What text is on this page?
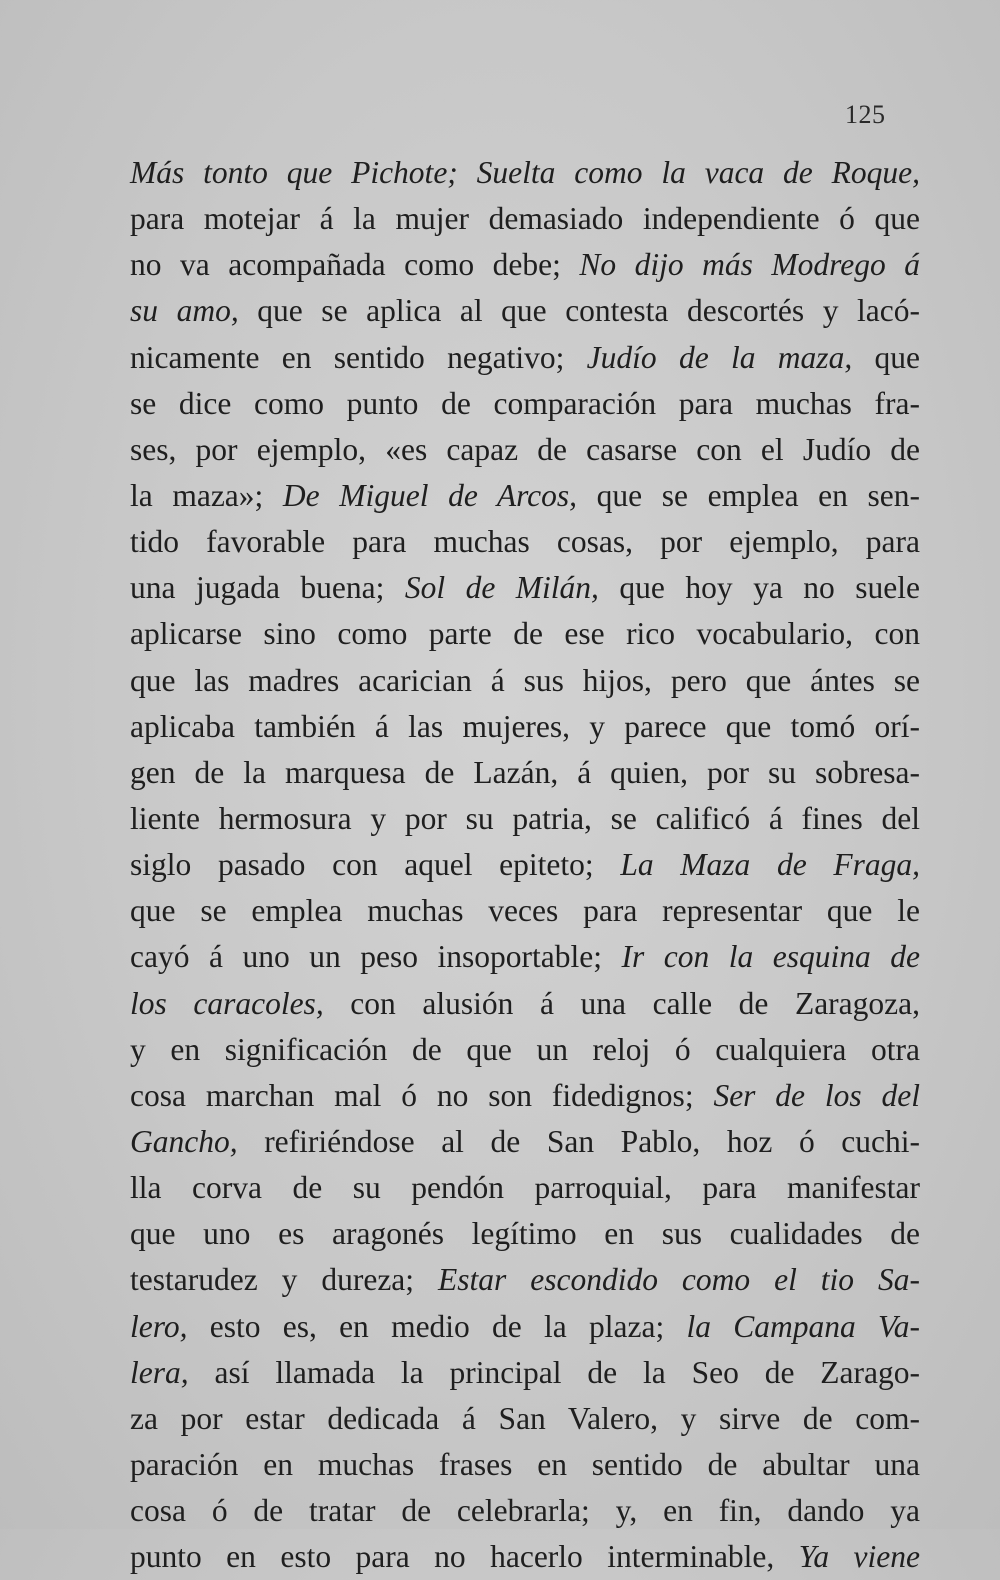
125
Más tonto que Pichote; Suelta como la vaca de Roque,
para motejar á la mujer demasiado independiente ó que
no va acompañada como debe; No dijo más Modrego á
su amo, que se aplica al que contesta descortés y lacó-
nicamente en sentido negativo; Judío de la maza, que
se dice como punto de comparación para muchas fra-
ses, por ejemplo, «es capaz de casarse con el Judío de
la maza»; De Miguel de Arcos, que se emplea en sen-
tido favorable para muchas cosas, por ejemplo, para
una jugada buena; Sol de Milán, que hoy ya no suele
aplicarse sino como parte de ese rico vocabulario, con
que las madres acarician á sus hijos, pero que ántes se
aplicaba también á las mujeres, y parece que tomó orí-
gen de la marquesa de Lazán, á quien, por su sobresa-
liente hermosura y por su patria, se calificó á fines del
siglo pasado con aquel epiteto; La Maza de Fraga,
que se emplea muchas veces para representar que le
cayó á uno un peso insoportable; Ir con la esquina de
los caracoles, con alusión á una calle de Zaragoza,
y en significación de que un reloj ó cualquiera otra
cosa marchan mal ó no son fidedignos; Ser de los del
Gancho, refiriéndose al de San Pablo, hoz ó cuchi-
lla corva de su pendón parroquial, para manifestar
que uno es aragonés legítimo en sus cualidades de
testarudez y dureza; Estar escondido como el tio Sa-
lero, esto es, en medio de la plaza; la Campana Va-
lera, así llamada la principal de la Seo de Zarago-
za por estar dedicada á San Valero, y sirve de com-
paración en muchas frases en sentido de abultar una
cosa ó de tratar de celebrarla; y, en fin, dando ya
punto en esto para no hacerlo interminable, Ya viene
